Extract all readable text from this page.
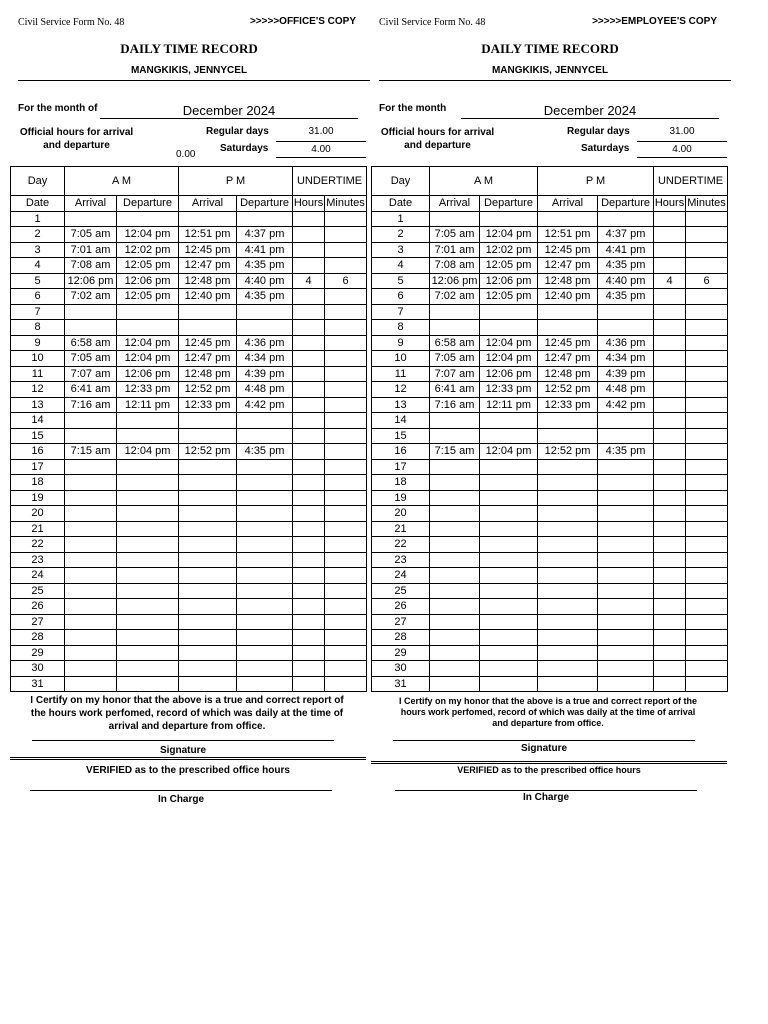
Civil Service Form No. 48	>>>>>OFFICE'S COPY
DAILY TIME RECORD
MANGKIKIS, JENNYCEL
For the month of	December 2024
Official hours for arrival and departure
0.00
Regular days	31.00
Saturdays	4.00
Day	A M		P M		UNDERTIME	
Date	Arrival	Departure	Arrival	Departure	Hours	Minutes
1						
2	7:05 am	12:04 pm	12:51 pm	4:37 pm		
3	7:01 am	12:02 pm	12:45 pm	4:41 pm		
4	7:08 am	12:05 pm	12:47 pm	4:35 pm		
5	12:06 pm	12:06 pm	12:48 pm	4:40 pm	4	6
6	7:02 am	12:05 pm	12:40 pm	4:35 pm		
7						
8						
9	6:58 am	12:04 pm	12:45 pm	4:36 pm		
10	7:05 am	12:04 pm	12:47 pm	4:34 pm		
11	7:07 am	12:06 pm	12:48 pm	4:39 pm		
12	6:41 am	12:33 pm	12:52 pm	4:48 pm		
13	7:16 am	12:11 pm	12:33 pm	4:42 pm		
14						
15						
16	7:15 am	12:04 pm	12:52 pm	4:35 pm		
17						
18						
19						
20						
21						
22						
23						
24						
25						
26						
27						
28						
29						
30						
31						
I Certify on my honor that the above is a true and correct report of the hours work perfomed, record of which was daily at the time of arrival and departure from office.
Signature
VERIFIED as to the prescribed office hours
In Charge
Civil Service Form No. 48	>>>>>EMPLOYEE'S COPY
DAILY TIME RECORD
MANGKIKIS, JENNYCEL
For the month	December 2024
Official hours for arrival and departure
Regular days	31.00
Saturdays	4.00
Day	A M		P M		UNDERTIME	
Date	Arrival	Departure	Arrival	Departure	Hours	Minutes
1						
2	7:05 am	12:04 pm	12:51 pm	4:37 pm		
3	7:01 am	12:02 pm	12:45 pm	4:41 pm		
4	7:08 am	12:05 pm	12:47 pm	4:35 pm		
5	12:06 pm	12:06 pm	12:48 pm	4:40 pm	4	6
6	7:02 am	12:05 pm	12:40 pm	4:35 pm		
7						
8						
9	6:58 am	12:04 pm	12:45 pm	4:36 pm		
10	7:05 am	12:04 pm	12:47 pm	4:34 pm		
11	7:07 am	12:06 pm	12:48 pm	4:39 pm		
12	6:41 am	12:33 pm	12:52 pm	4:48 pm		
13	7:16 am	12:11 pm	12:33 pm	4:42 pm		
14						
15						
16	7:15 am	12:04 pm	12:52 pm	4:35 pm		
17						
18						
19						
20						
21						
22						
23						
24						
25						
26						
27						
28						
29						
30						
31						
I Certify on my honor that the above is a true and correct report of the hours work perfomed, record of which was daily at the time of arrival and departure from office.
Signature
VERIFIED as to the prescribed office hours
In Charge
